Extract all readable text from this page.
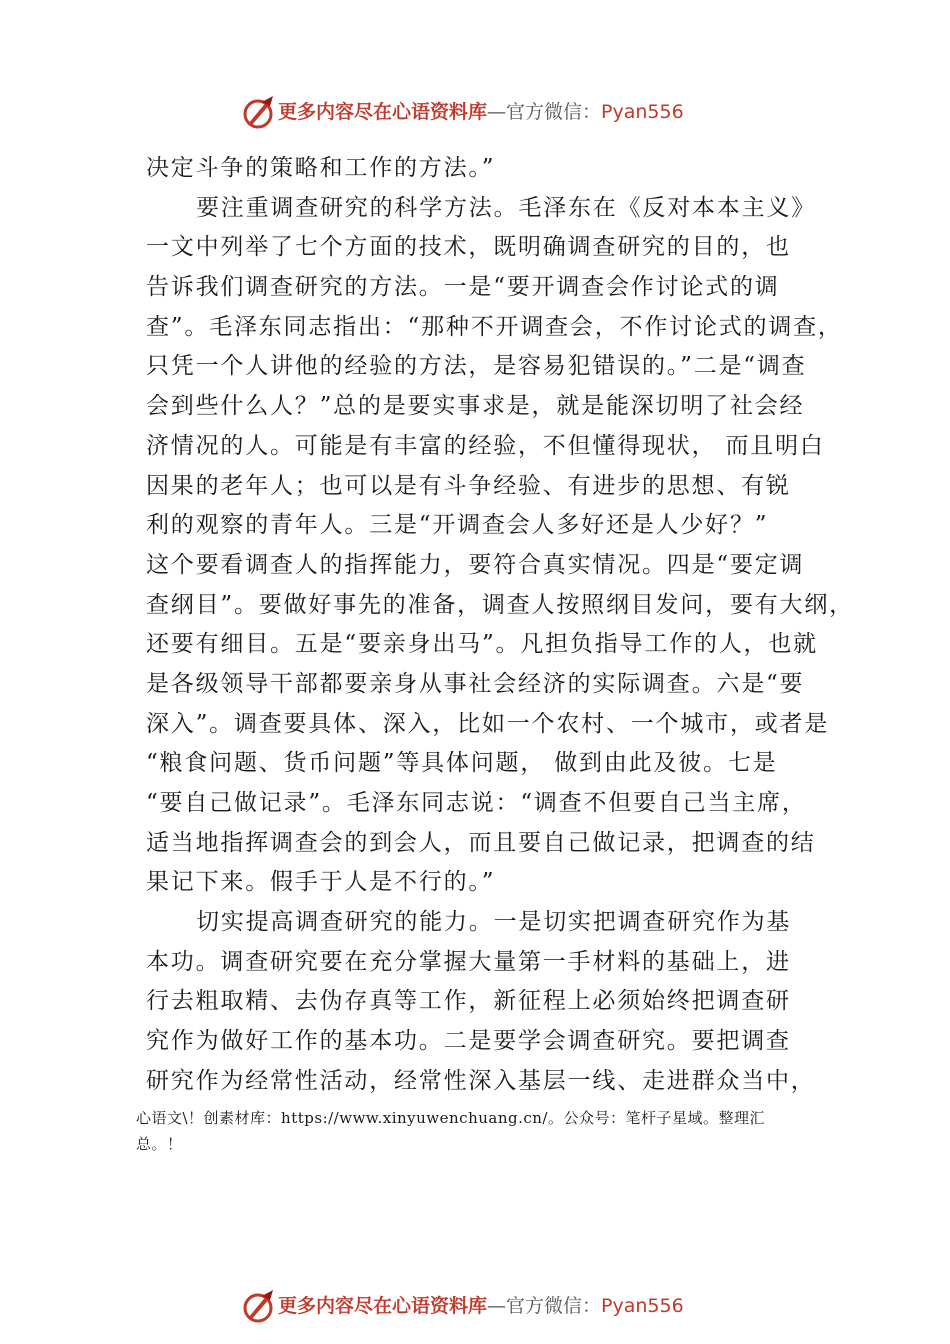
更多内容尽在心语资料库—官方微信：Pyan556
决定斗争的策略和工作的方法。”
要注重调查研究的科学方法。毛泽东在《反对本本主义》
一文中列举了七个方面的技术，既明确调查研究的目的，也
告诉我们调查研究的方法。一是“要开调查会作讨论式的调
查”。毛泽东同志指出：“那种不开调查会，不作讨论式的调查，
只凭一个人讲他的经验的方法，是容易犯错误的。”二是“调查
会到些什么人？”总的是要实事求是，就是能深切明了社会经
济情况的人。可能是有丰富的经验，不但懂得现状， 而且明白
因果的老年人；也可以是有斗争经验、有进步的思想、有锐
利的观察的青年人。三是“开调查会人多好还是人少好？”
这个要看调查人的指挥能力，要符合真实情况。四是“要定调
查纲目”。要做好事先的准备，调查人按照纲目发问，要有大纲，
还要有细目。五是“要亲身出马”。凡担负指导工作的人，也就
是各级领导干部都要亲身从事社会经济的实际调查。六是“要
深入”。调查要具体、深入，比如一个农村、一个城市，或者是
“粮食问题、货币问题”等具体问题， 做到由此及彼。七是
“要自己做记录”。毛泽东同志说：“调查不但要自己当主席，
适当地指挥调查会的到会人，而且要自己做记录，把调查的结
果记下来。假手于人是不行的。”
切实提高调查研究的能力。一是切实把调查研究作为基
本功。调查研究要在充分掌握大量第一手材料的基础上，进
行去粗取精、去伪存真等工作，新征程上必须始终把调查研
究作为做好工作的基本功。二是要学会调查研究。要把调查
研究作为经常性活动，经常性深入基层一线、走进群众当中，
心语文\！创素材库：https://www.xinyuwenchuang.cn/。公众号：笔杆子星域。整理汇
总。！
更多内容尽在心语资料库—官方微信：Pyan556
